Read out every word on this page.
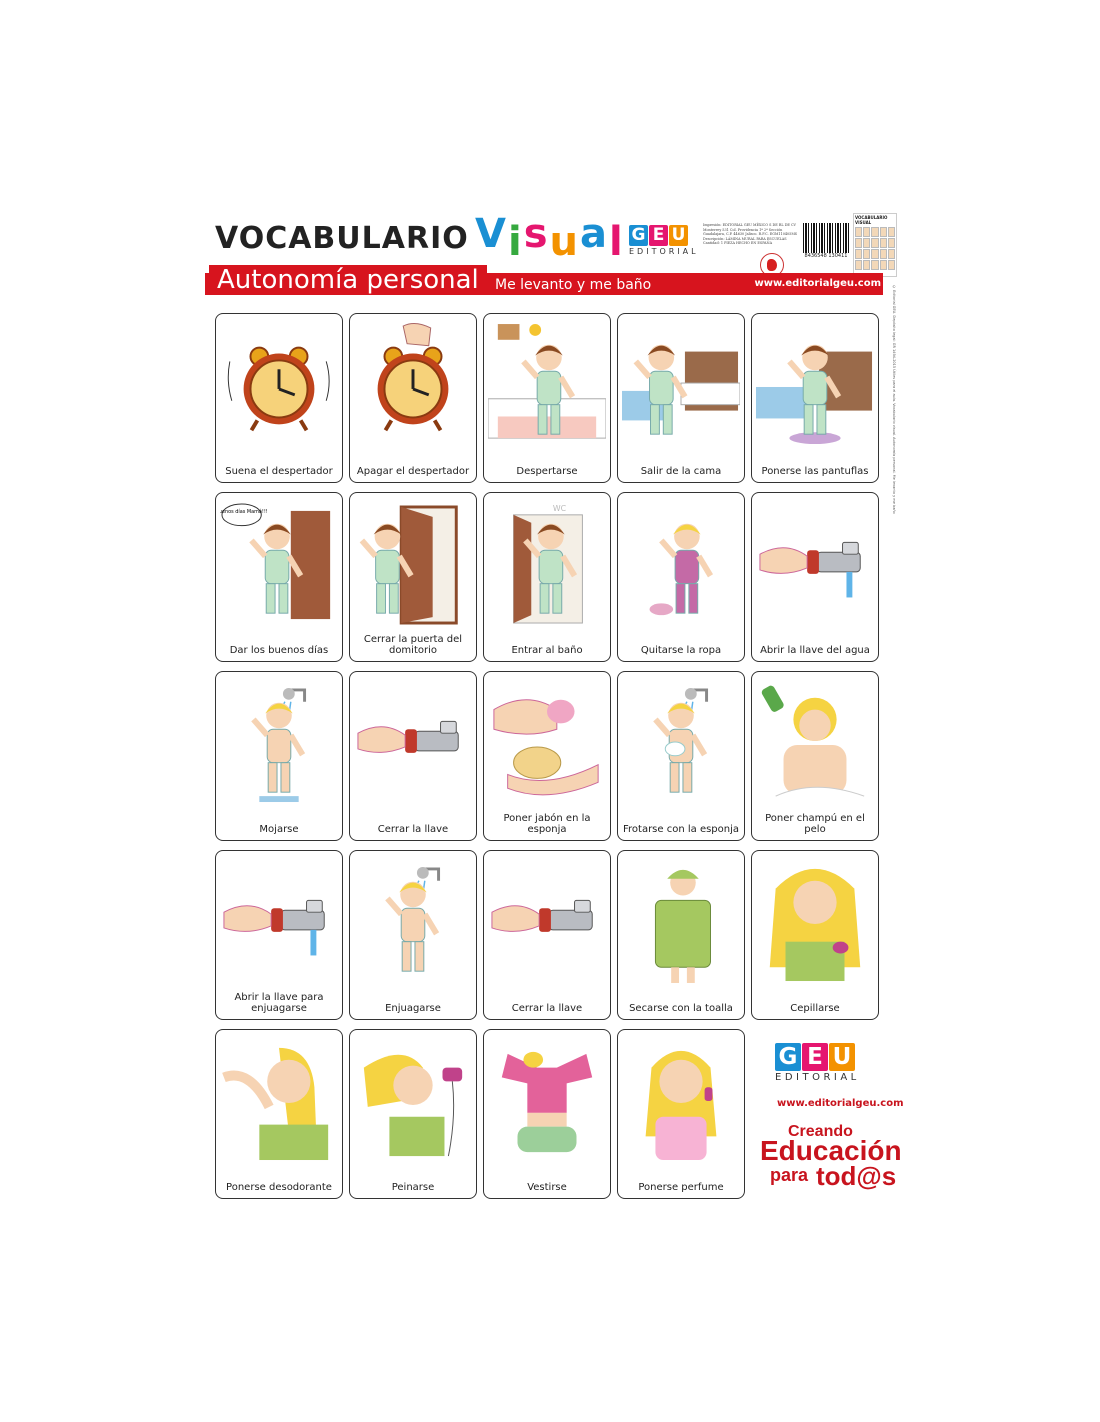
VOCABULARIO Visual G E U
EDITORIAL
Impresión: EDITORIAL GEU MÉXICO S DE RL DE CV Monterrey 531 Col. Providencia 1ª 2ª Sección Guadalajara, C.P. 44630 Jalisco. R.F.C. EGM110405MS Descripción: LÁMINA MURAL PARA ESCUELAS Cantidad: 1 PIEZA HECHO EN ESPAÑA
8436548 130411
VOCABULARIO VISUAL
Autonomía personal	Me levanto y me baño	www.editorialgeu.com
© Editorial GEU. Depósito legal: GR 1494-2015 Útiles para el aula. Vocabulario visual. Autonomía personal. Me levanto y me baño
Suena el despertador	Apagar el despertador	Despertarse	Salir de la cama	Ponerse las pantuflas
Buenos días Mamá!!!
Dar los buenos días
Cerrar la puerta del domitorio
WC
Entrar al baño	Quitarse la ropa	Abrir la llave del agua
Mojarse	Cerrar la llave
Poner jabón en la esponja	Frotarse con la esponja
Poner champú en el pelo
Abrir la llave para enjuagarse	Enjuagarse	Cerrar la llave	Secarse con la toalla	Cepillarse
Ponerse desodorante	Peinarse	Vestirse	Ponerse perfume
G E U
EDITORIAL
www.editorialgeu.com
Creando
Educación
para tod@s
